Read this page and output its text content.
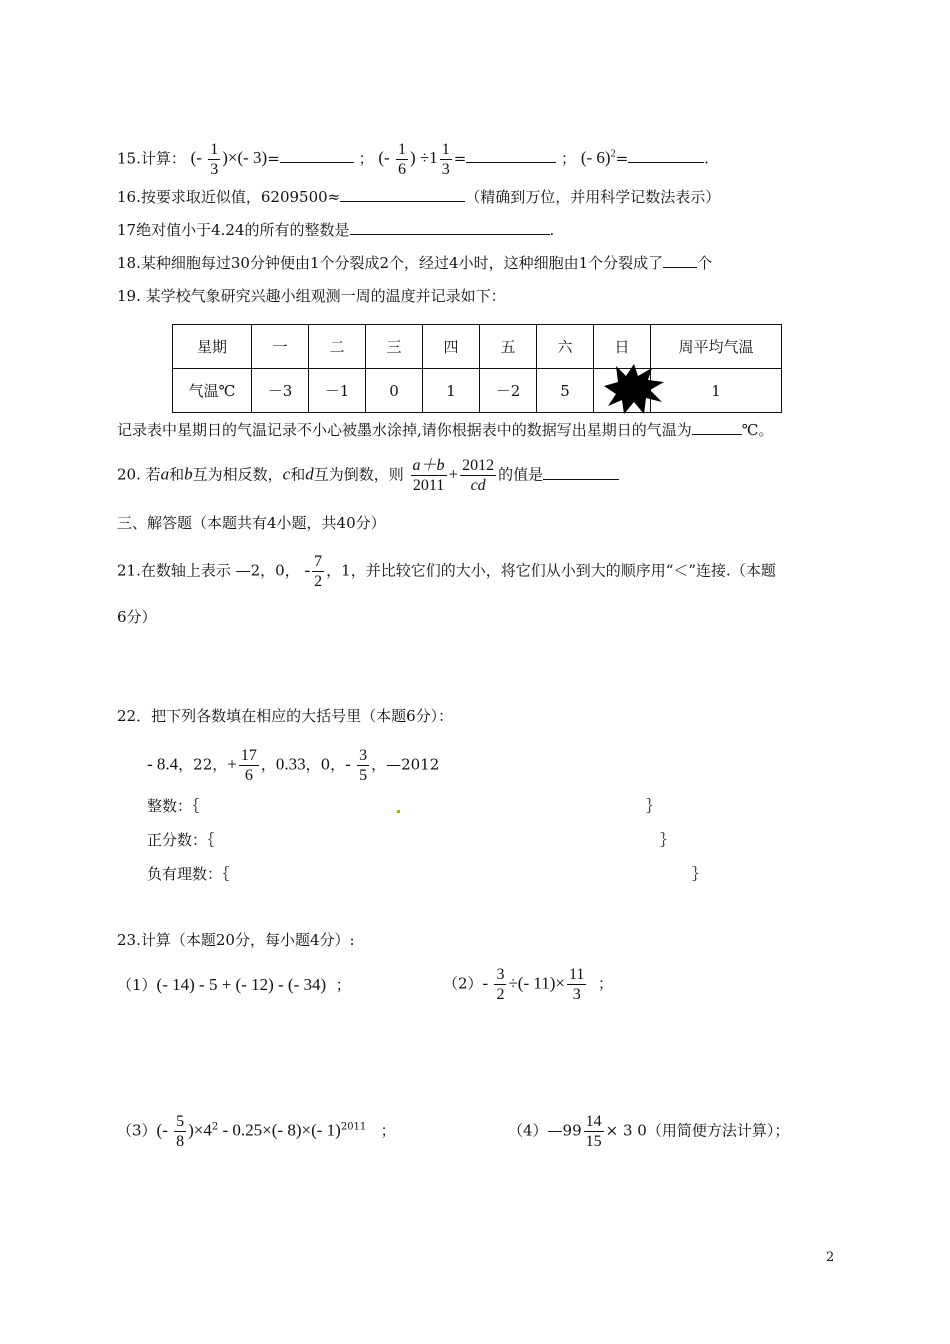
15.计算： (- $\frac{1}{3}$ )×(- 3)=	； (- $\frac{1}{6}$ ) $\div 1 \frac{1}{3}$ =	； (- 6)$^2$=	.
16.按要求取近似值，6209500≈	（精确到万位，并用科学记数法表示）
17绝对值小于4.24的所有的整数是	.
18.某种细胞每过30分钟便由1个分裂成2个，经过4小时，这种细胞由1个分裂成了 个
19. 某学校气象研究兴趣小组观测一周的温度并记录如下：
星期	一	二	三	四	五	六	日	周平均气温
气温℃	－3	－1	0	1	－2	5		1
记录表中星期日的气温记录不小心被墨水涂掉,请你根据表中的数据写出星期日的气温为	℃。
20. 若a和b互为相反数，c和d互为倒数，则 $\frac{a+b}{2011} + \frac{2012}{cd}$ 的值是
三、解答题（本题共有4小题，共40分）
21.在数轴上表示 —2，0， - $\frac{7}{2}$ ，1，并比较它们的大小，将它们从小到大的顺序用“＜”连接.（本题
6分）
22．把下列各数填在相应的大括号里（本题6分）：
- 8.4，22，+ $\frac{17}{6}$ ，0.33，0，- $\frac{3}{5}$ ，—2012
整数：｛	｝
正分数：｛	｝
负有理数：｛	｝
23.计算（本题20分，每小题4分）:
（1）(- 14) - 5 + (- 12) - (- 34) ；	$(2)- \frac{3}{2}$ ÷(- $11)\times \frac{11}{3}$ ；
$(3)(- \frac{5}{8} )\times 4^2 - 0.25\times(-$ 8)×(- 1)$^{2011}$ ；	（4）—99 $\frac{14}{15} \times 3$ 0（用简便方法计算）；
2
